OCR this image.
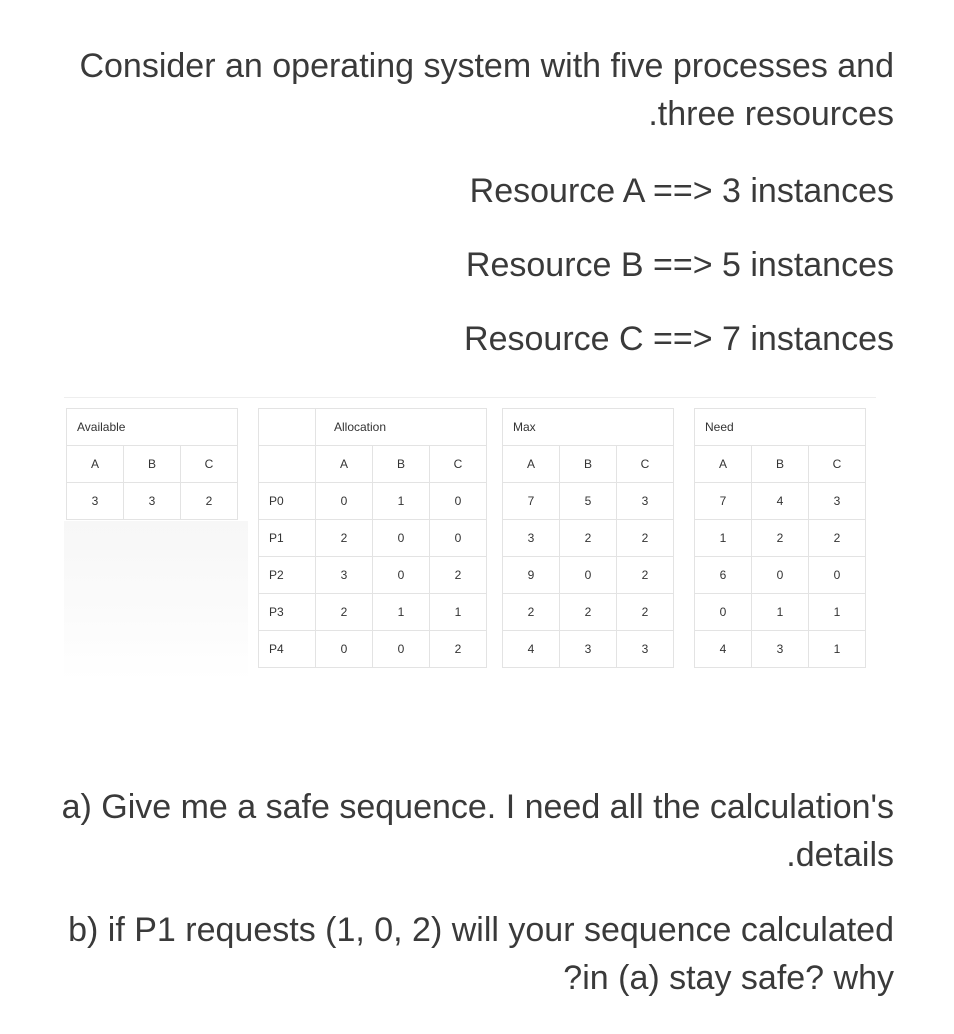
Consider an operating system with five processes and
.three resources

Resource A ==> 3 instances

Resource B ==> 5 instances

Resource C ==> 7 instances

Available		
A	B	C
3	3	2
	Allocation		
	A	B	C
P0	0	1	0
P1	2	0	0
P2	3	0	2
P3	2	1	1
P4	0	0	2
Max		
A	B	C
7	5	3
3	2	2
9	0	2
2	2	2
4	3	3
Need		
A	B	C
7	4	3
1	2	2
6	0	0
0	1	1
4	3	1

a) Give me a safe sequence. I need all the calculation's
.details

b) if P1 requests (1, 0, 2) will your sequence calculated
?in (a) stay safe? why
